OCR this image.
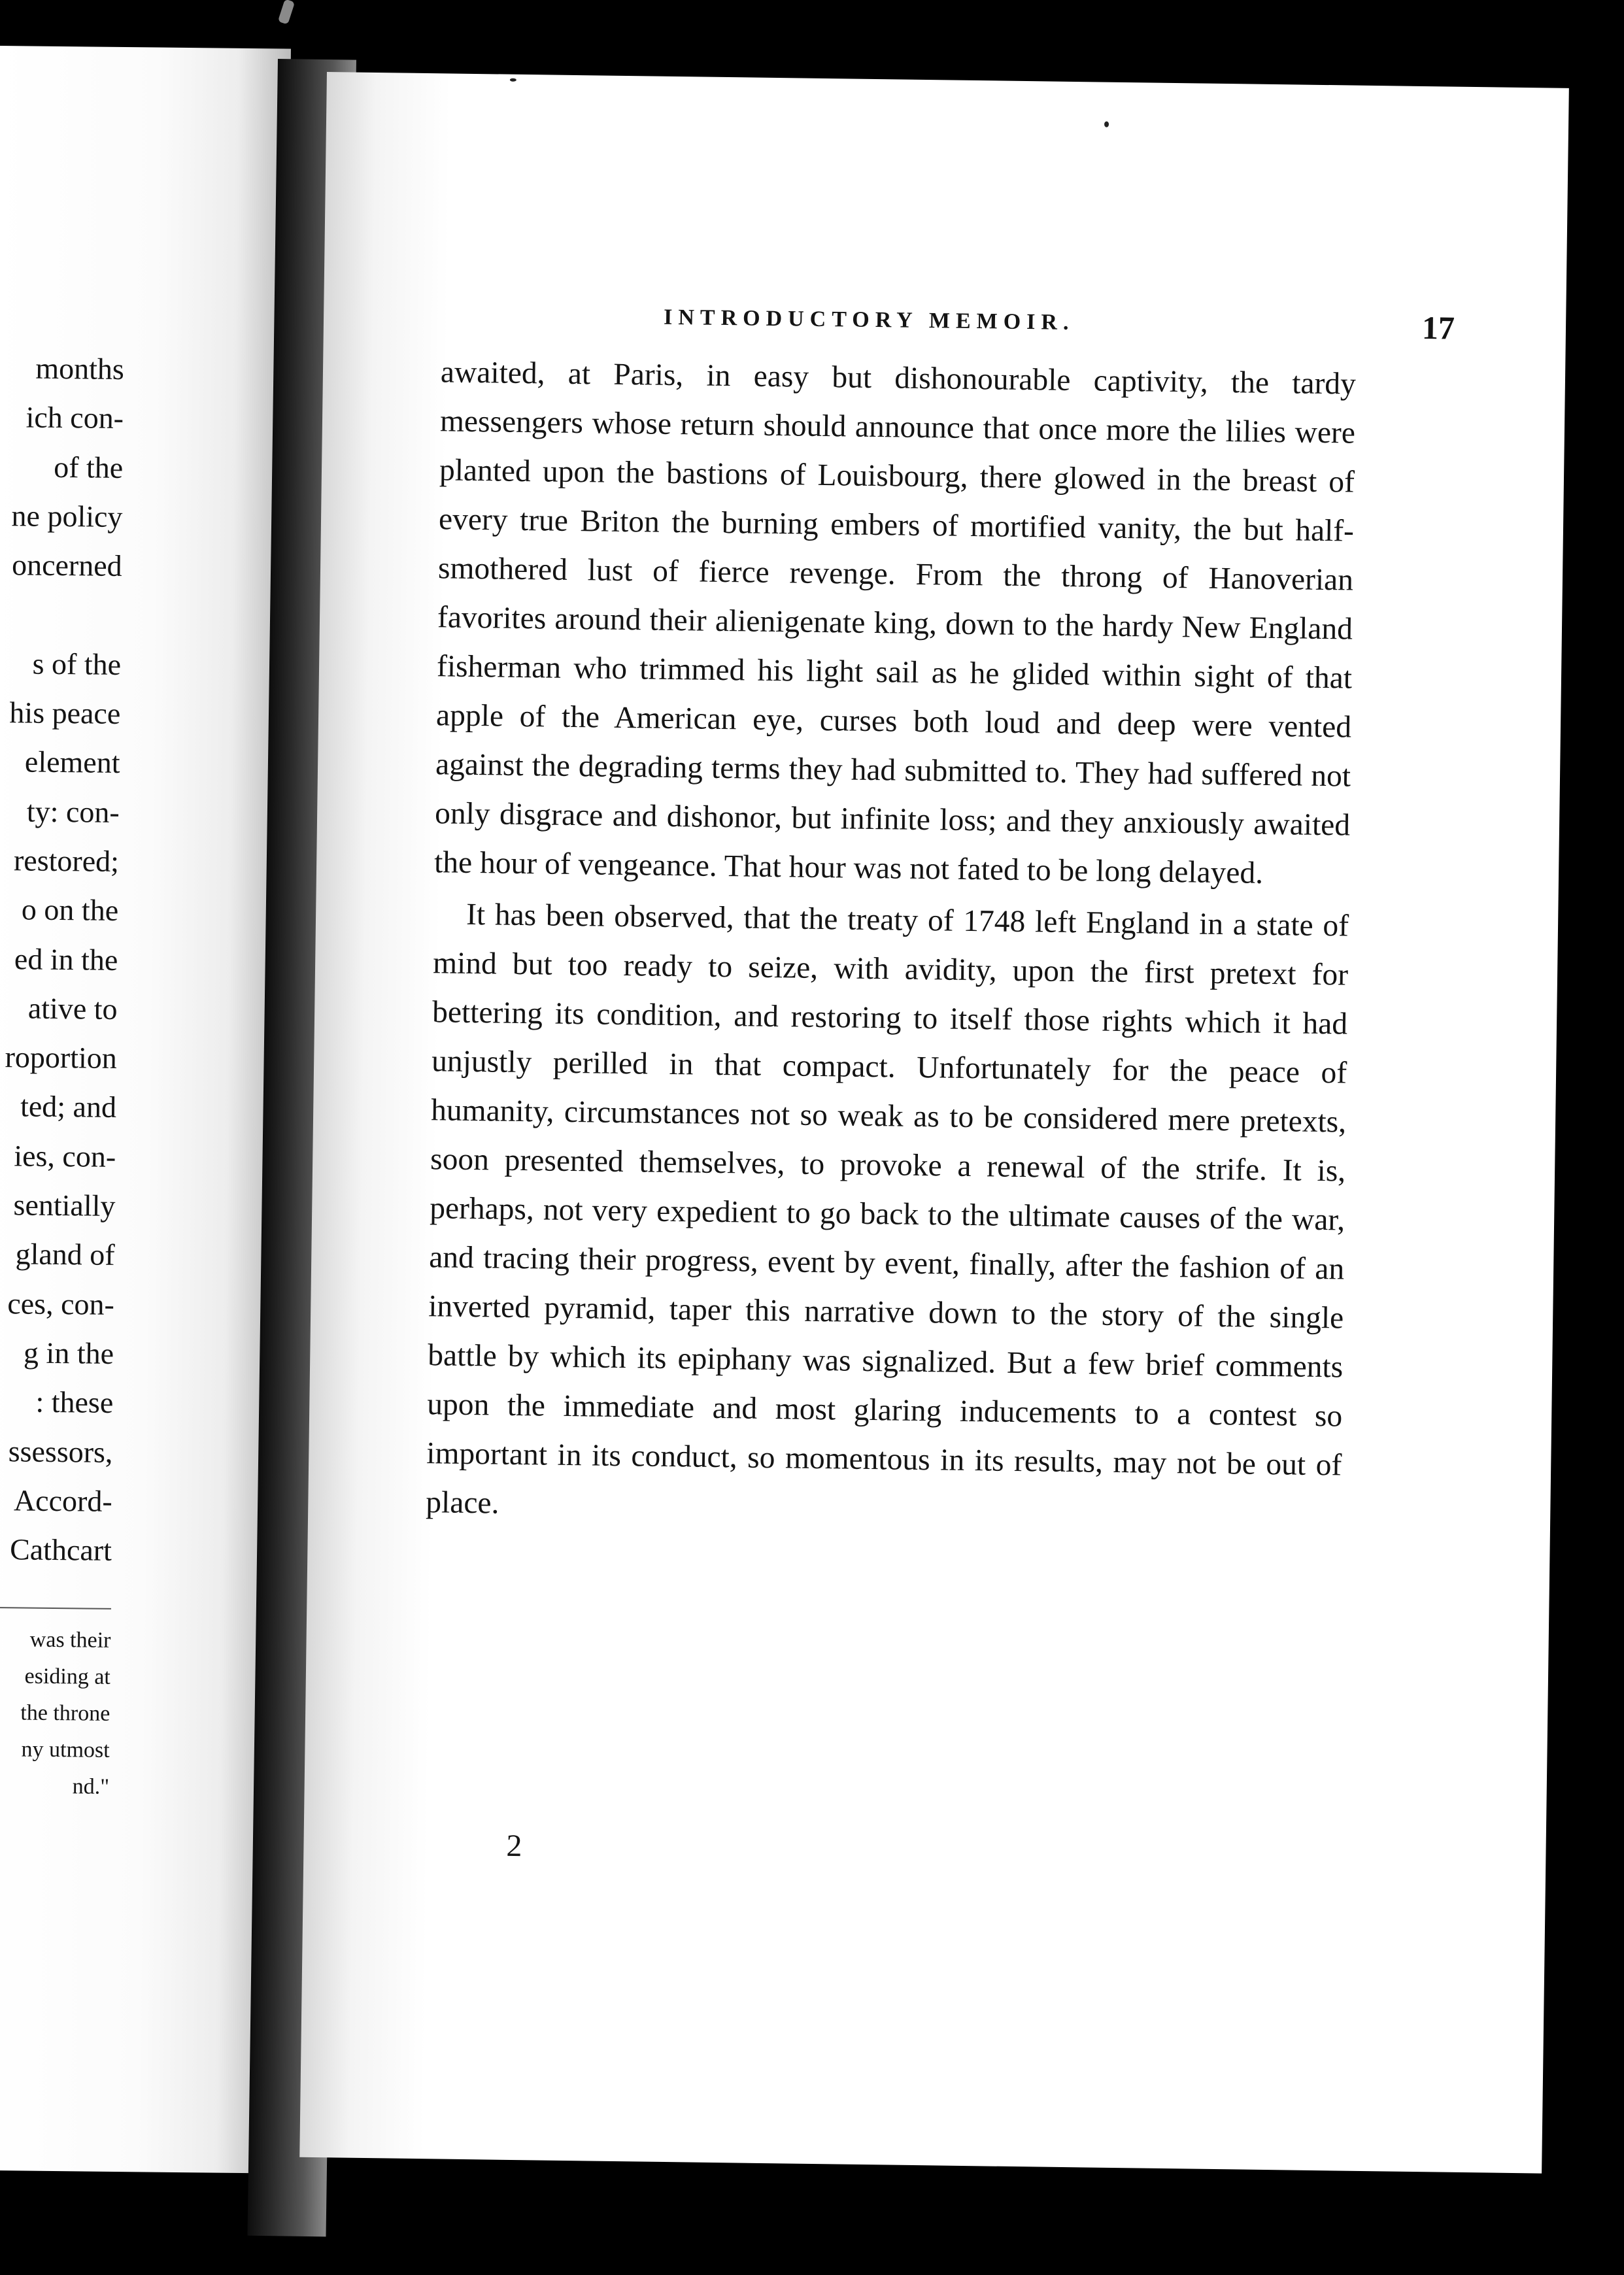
months
ich con-
of the
ne policy
oncerned
s of the
his peace
element
ty: con-
restored;
o on the
ed in the
ative to
roportion
ted; and
ies, con-
sentially
gland of
ces, con-
g in the
: these
ssessors,
Accord-
Cathcart
was their
esiding at
the throne
ny utmost
nd."
INTRODUCTORY MEMOIR.	17

awaited, at Paris, in easy but dishonourable captivity, the tardy messengers whose return should announce that once more the lilies were planted upon the bastions of Louisbourg, there glowed in the breast of every true Briton the burning embers of mortified vanity, the but half-smothered lust of fierce revenge. From the throng of Hanoverian favorites around their alienigenate king, down to the hardy New England fisherman who trimmed his light sail as he glided within sight of that apple of the American eye, curses both loud and deep were vented against the degrading terms they had submitted to. They had suffered not only disgrace and dishonor, but infinite loss; and they anxiously awaited the hour of vengeance. That hour was not fated to be long delayed.

It has been observed, that the treaty of 1748 left England in a state of mind but too ready to seize, with avidity, upon the first pretext for bettering its condition, and restoring to itself those rights which it had unjustly perilled in that compact. Unfortunately for the peace of humanity, circumstances not so weak as to be considered mere pretexts, soon presented themselves, to provoke a renewal of the strife. It is, perhaps, not very expedient to go back to the ultimate causes of the war, and tracing their progress, event by event, finally, after the fashion of an inverted pyramid, taper this narrative down to the story of the single battle by which its epiphany was signalized. But a few brief comments upon the immediate and most glaring inducements to a contest so important in its conduct, so momentous in its results, may not be out of place.

2
